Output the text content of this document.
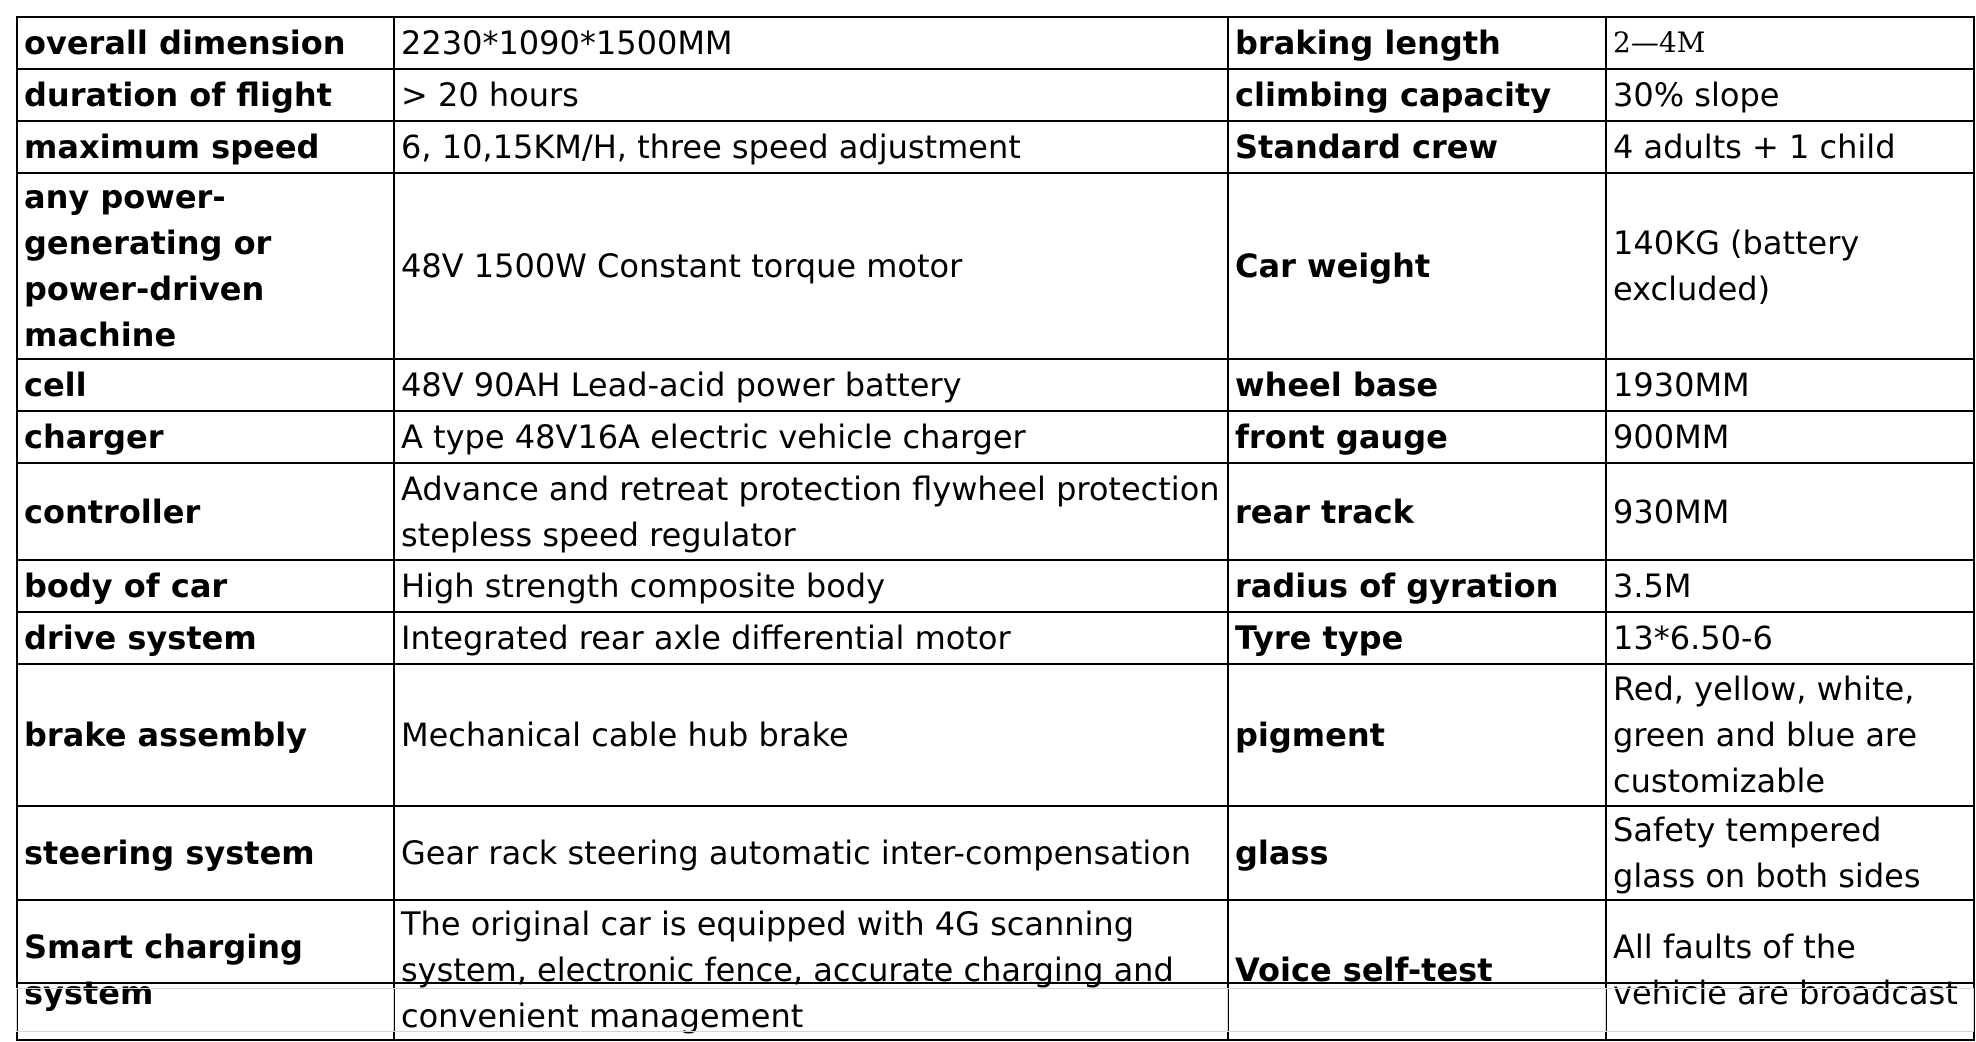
overall dimension	2230*1090*1500MM	braking length	2—4M
duration of flight	> 20 hours	climbing capacity	30% slope
maximum speed	6, 10,15KM/H, three speed adjustment	Standard crew	4 adults + 1 child
any power-generating or power-driven machine	48V 1500W Constant torque motor	Car weight	140KG (battery excluded)
cell	48V 90AH Lead-acid power battery	wheel base	1930MM
charger	A type 48V16A electric vehicle charger	front gauge	900MM
controller	Advance and retreat protection flywheel protection stepless speed regulator	rear track	930MM
body of car	High strength composite body	radius of gyration	3.5M
drive system	Integrated rear axle differential motor	Tyre type	13*6.50-6
brake assembly	Mechanical cable hub brake	pigment	Red, yellow, white, green and blue are customizable
steering system	Gear rack steering automatic inter-compensation	glass	Safety tempered glass on both sides
Smart charging system	The original car is equipped with 4G scanning system, electronic fence, accurate charging and convenient management	Voice self-test	All faults of the vehicle are broadcast
